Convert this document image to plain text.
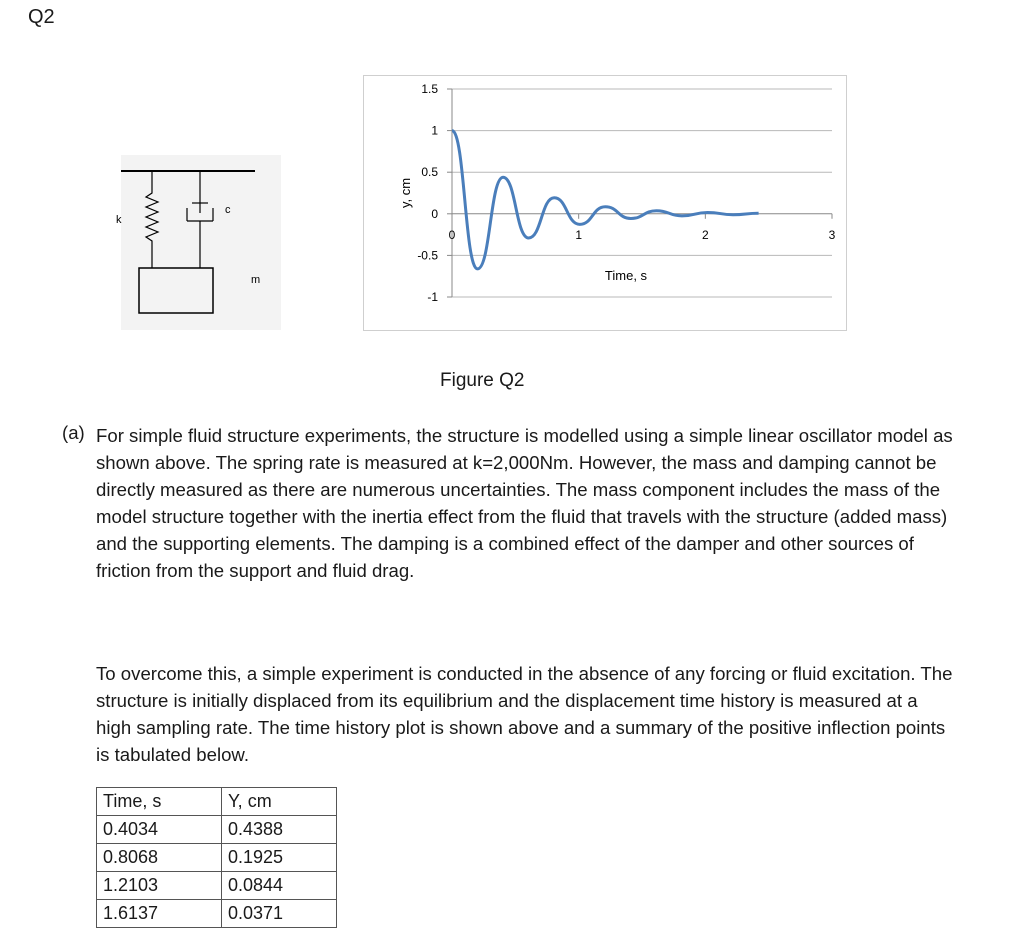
Q2
k
c
m
1.5
1
0.5
0
-0.5
-1
0	1	2	3
Time, s
y, cm
Figure Q2
(a) For simple fluid structure experiments, the structure is modelled using a simple linear oscillator model as shown above. The spring rate is measured at k=2,000Nm. However, the mass and damping cannot be directly measured as there are numerous uncertainties. The mass component includes the mass of the model structure together with the inertia effect from the fluid that travels with the structure (added mass) and the supporting elements. The damping is a combined effect of the damper and other sources of friction from the support and fluid drag.
To overcome this, a simple experiment is conducted in the absence of any forcing or fluid excitation. The structure is initially displaced from its equilibrium and the displacement time history is measured at a high sampling rate. The time history plot is shown above and a summary of the positive inflection points is tabulated below.
Time, s	Y, cm
0.4034	0.4388
0.8068	0.1925
1.2103	0.0844
1.6137	0.0371
